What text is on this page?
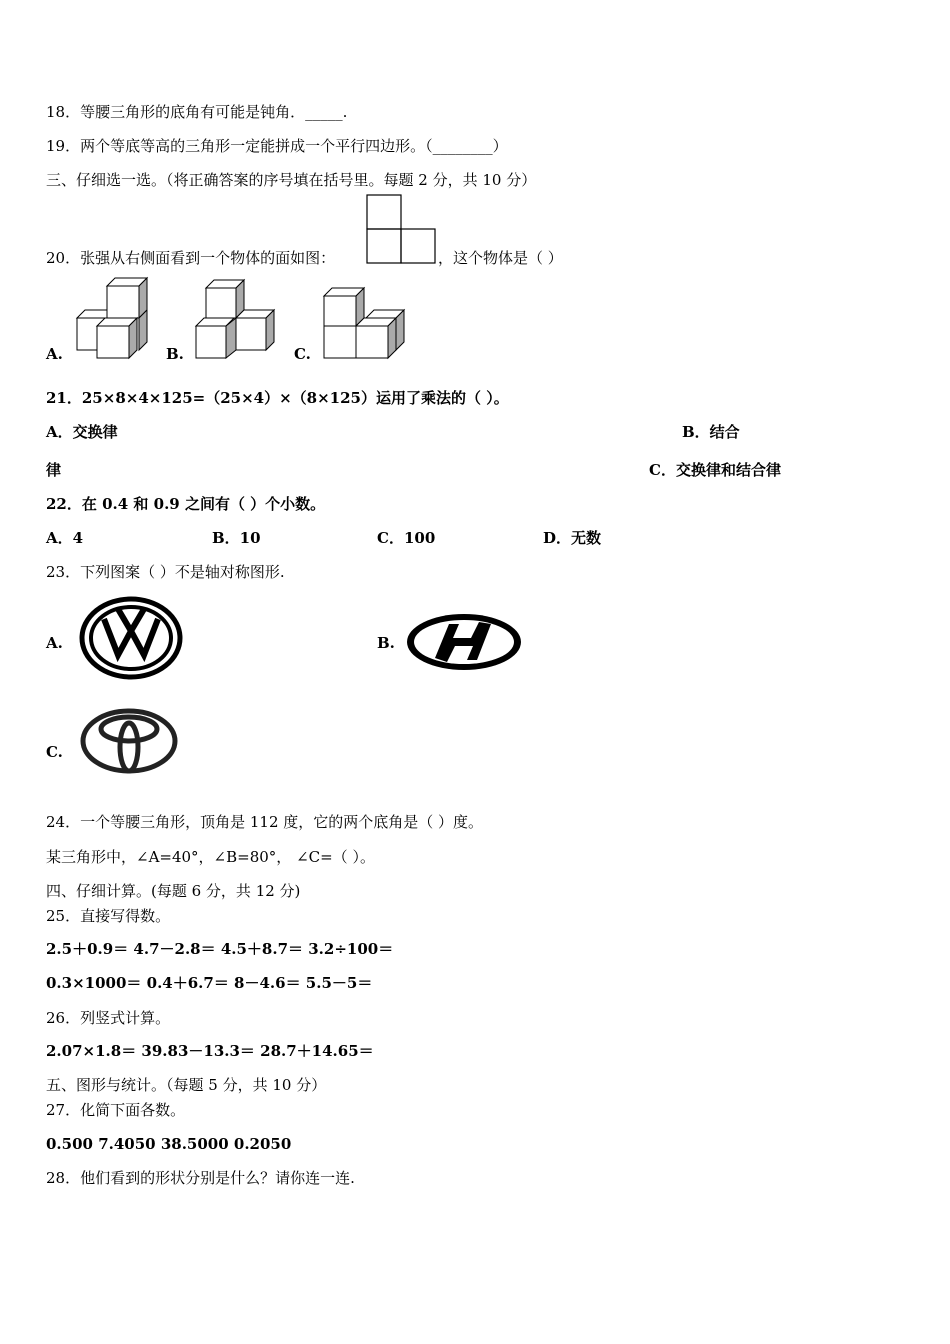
18．等腰三角形的底角有可能是钝角．_____.
19．两个等底等高的三角形一定能拼成一个平行四边形。（________）
三、仔细选一选。（将正确答案的序号填在括号里。每题 2 分，共 10 分）
20．张强从右侧面看到一个物体的面如图：	，这个物体是（ ）
A.	B.	C.
21．25×8×4×125=（25×4）×（8×125）运用了乘法的（ ）。
A．交换律	B．结合
律	C．交换律和结合律
22．在 0.4 和 0.9 之间有（ ）个小数。
A．4	B．10	C．100	D．无数
23．下列图案（ ）不是轴对称图形.
A.	B.
C.
24．一个等腰三角形，顶角是 112 度，它的两个底角是（ ）度。
某三角形中，∠A=40°，∠B=80°， ∠C=（ ）。
四、仔细计算。(每题 6 分，共 12 分)
25．直接写得数。
2.5＋0.9＝ 4.7－2.8＝ 4.5＋8.7＝ 3.2÷100＝
0.3×1000＝ 0.4＋6.7＝ 8－4.6＝ 5.5－5＝
26．列竖式计算。
2.07×1.8＝ 39.83－13.3＝ 28.7＋14.65＝
五、图形与统计。（每题 5 分，共 10 分）
27．化简下面各数。
0.500 7.4050 38.5000 0.2050
28．他们看到的形状分别是什么？请你连一连.
